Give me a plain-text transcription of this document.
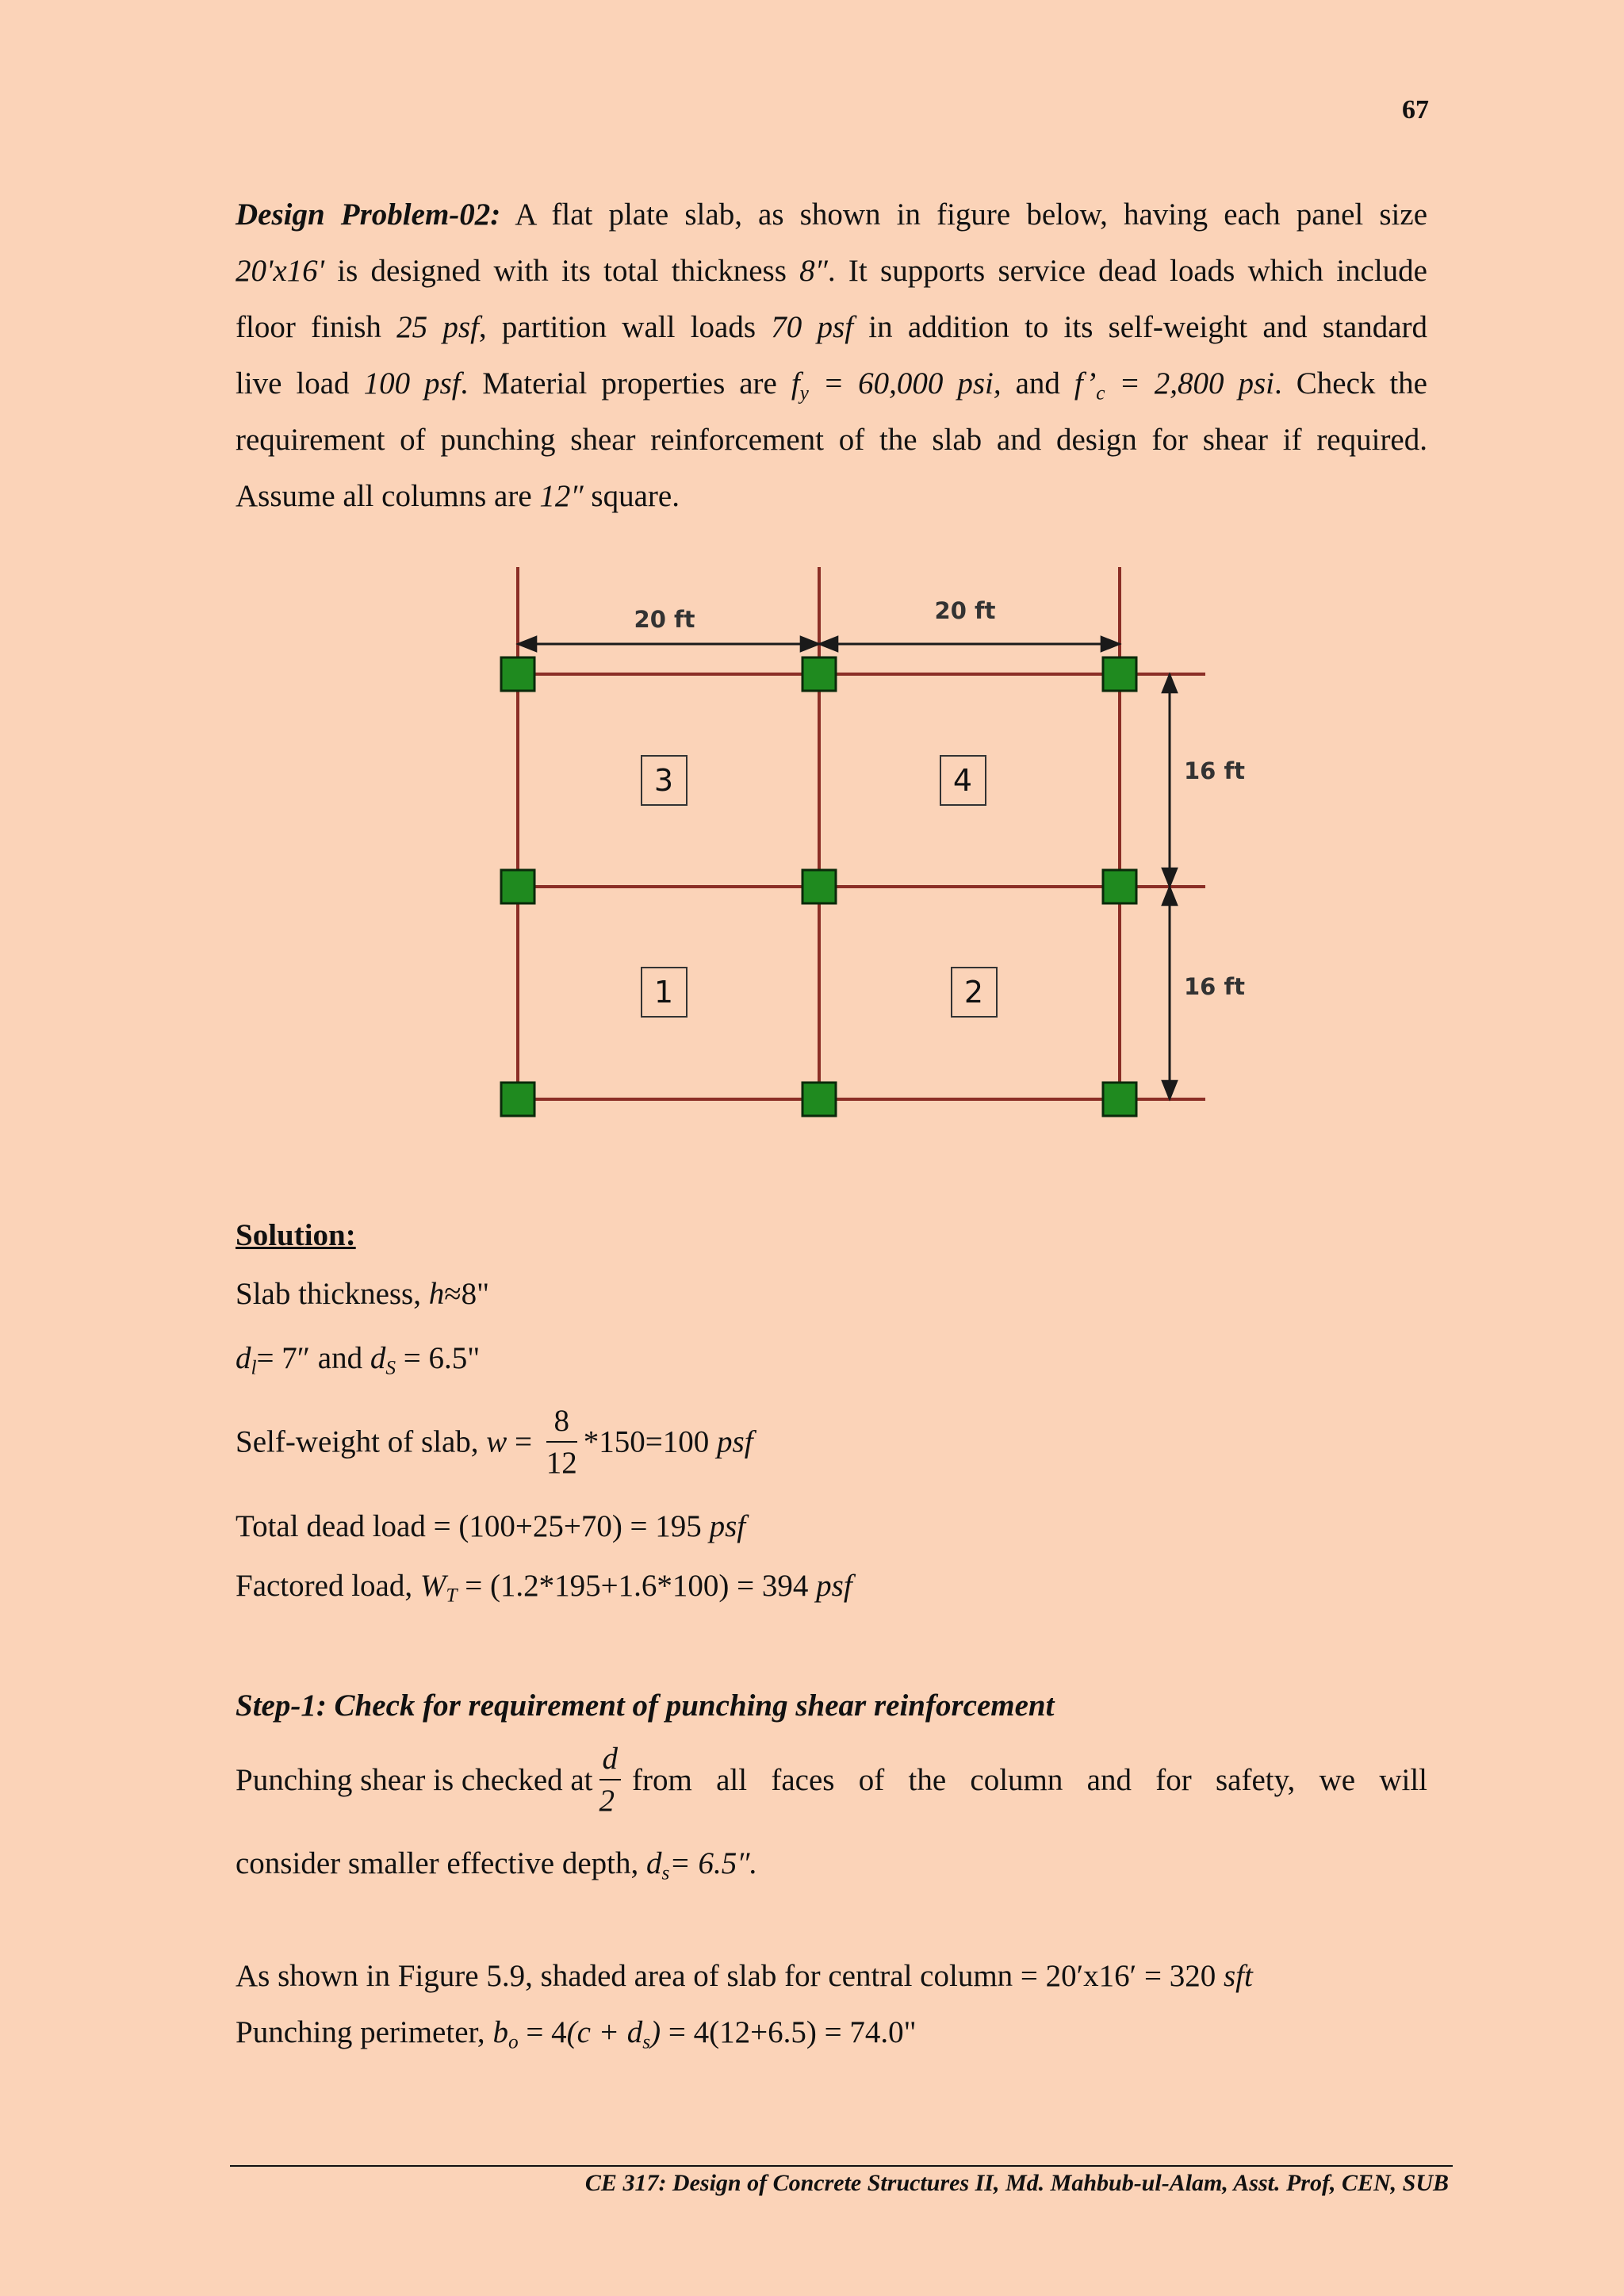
67
Design Problem-02: A flat plate slab, as shown in figure below, having each panel size
20'x16' is designed with its total thickness 8″. It supports service dead loads which include
floor finish 25 psf, partition wall loads 70 psf in addition to its self-weight and standard
live load 100 psf. Material properties are $f_y = 60,000$ psi, and $f’_c = 2,800$ psi. Check the
requirement of punching shear reinforcement of the slab and design for shear if required.
Assume all columns are 12″ square.
20 ft	20 ft
16 ft
16 ft
3	4
1	2
Solution:
Slab thickness, h≈8"
$d_l= 7''$ and $d_S = 6.5$"
Self-weight of slab, $w = \frac{8}{12} *150=100$ psf
Total dead load = (100+25+70) = 195 psf
Factored load, $W_T = (1.2*195+1.6*100) = 394$ psf
Step-1: Check for requirement of punching shear reinforcement
Punching shear is checked at $\frac{d}{2}$ from all faces of the column and for safety, we will
consider smaller effective depth, $d_s= 6.5''$.
As shown in Figure 5.9, shaded area of slab for central column = 20′x16′ = 320 sft
Punching perimeter, $b_o = 4(c + d_s) = 4(12+6.5) = 74.0$"
CE 317: Design of Concrete Structures II, Md. Mahbub-ul-Alam, Asst. Prof, CEN, SUB
